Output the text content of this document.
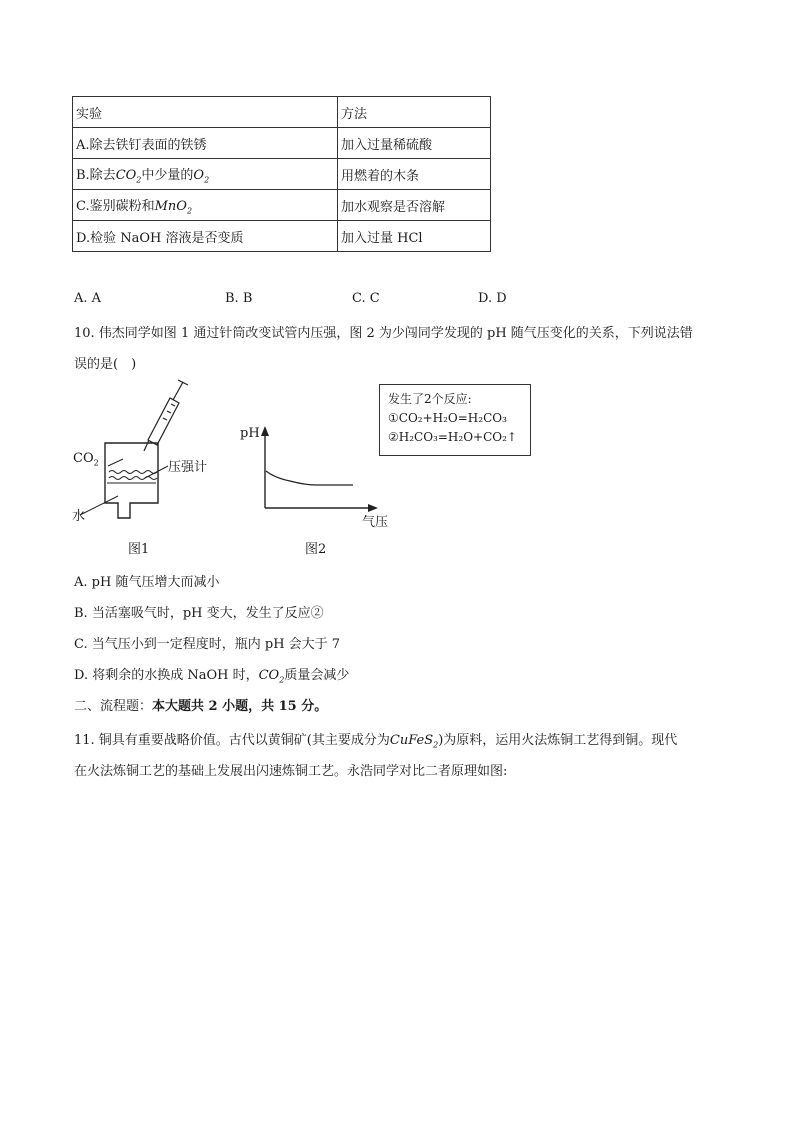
实验	方法
A.除去铁钉表面的铁锈	加入过量稀硫酸
B.除去$CO_2$中少量的$O_2$	用燃着的木条
C.鉴别碳粉和MnO$_2$	加水观察是否溶解
D.检验 NaOH 溶液是否变质	加入过量 HCl
A. A	B. B	C. C	D. D
10. 伟杰同学如图 1 通过针筒改变试管内压强，图 2 为少闯同学发现的 pH 随气压变化的关系，下列说法错
误的是(　)
$CO_2$	压强计
水
图1
pH
气压
图2
发生了2个反应:
①CO₂+H₂O=H₂CO₃
②H₂CO₃=H₂O+CO₂↑
A. pH 随气压增大而减小
B. 当活塞吸气时，pH 变大，发生了反应②
C. 当气压小到一定程度时，瓶内 pH 会大于 7
D. 将剩余的水换成 NaOH 时，$CO_2$质量会减少
二、流程题：本大题共 2 小题，共 15 分。
11. 铜具有重要战略价值。古代以黄铜矿(其主要成分为CuFeS$_2$)为原料，运用火法炼铜工艺得到铜。现代
在火法炼铜工艺的基础上发展出闪速炼铜工艺。永浩同学对比二者原理如图:
